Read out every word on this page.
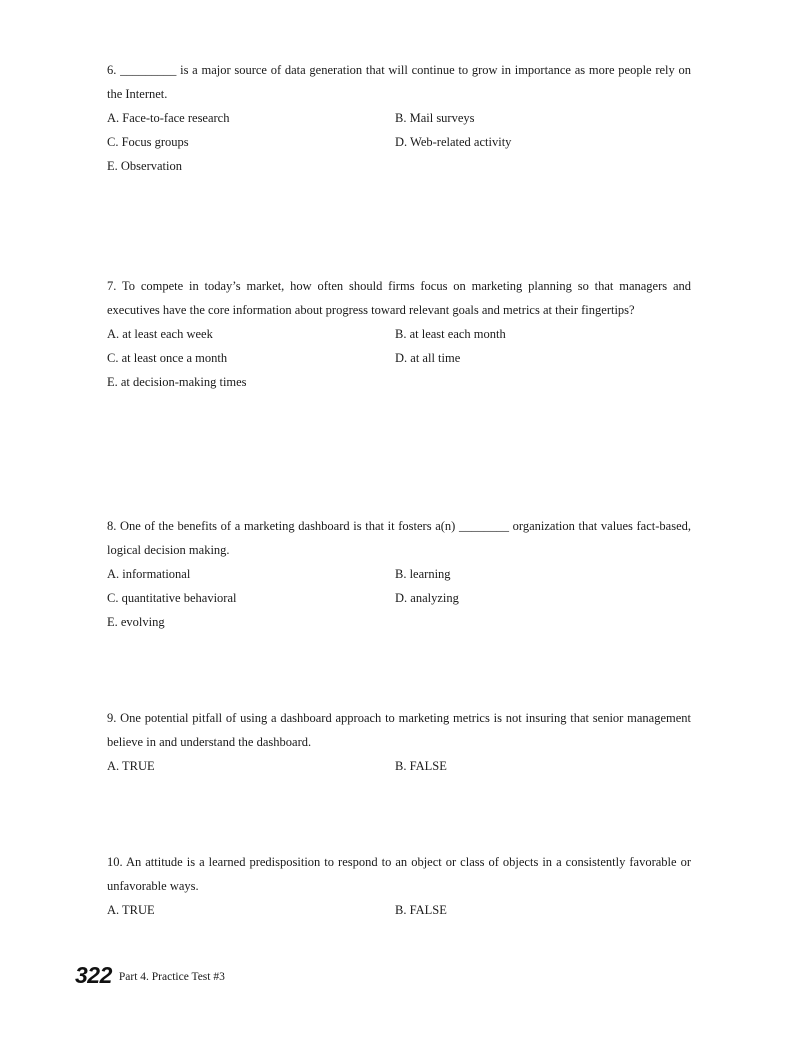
6. _________ is a major source of data generation that will continue to grow in importance as more people rely on the Internet.
A. Face-to-face research	B. Mail surveys
C. Focus groups	D. Web-related activity
E. Observation
7. To compete in today’s market, how often should firms focus on marketing planning so that managers and executives have the core information about progress toward relevant goals and metrics at their fingertips?
A. at least each week	B. at least each month
C. at least once a month	D. at all time
E. at decision-making times
8. One of the benefits of a marketing dashboard is that it fosters a(n) ________ organization that values fact-based, logical decision making.
A. informational	B. learning
C. quantitative behavioral	D. analyzing
E. evolving
9. One potential pitfall of using a dashboard approach to marketing metrics is not insuring that senior management believe in and understand the dashboard.
A. TRUE	B. FALSE
10. An attitude is a learned predisposition to respond to an object or class of objects in a consistently favorable or unfavorable ways.
A. TRUE	B. FALSE
322 Part 4. Practice Test #3
